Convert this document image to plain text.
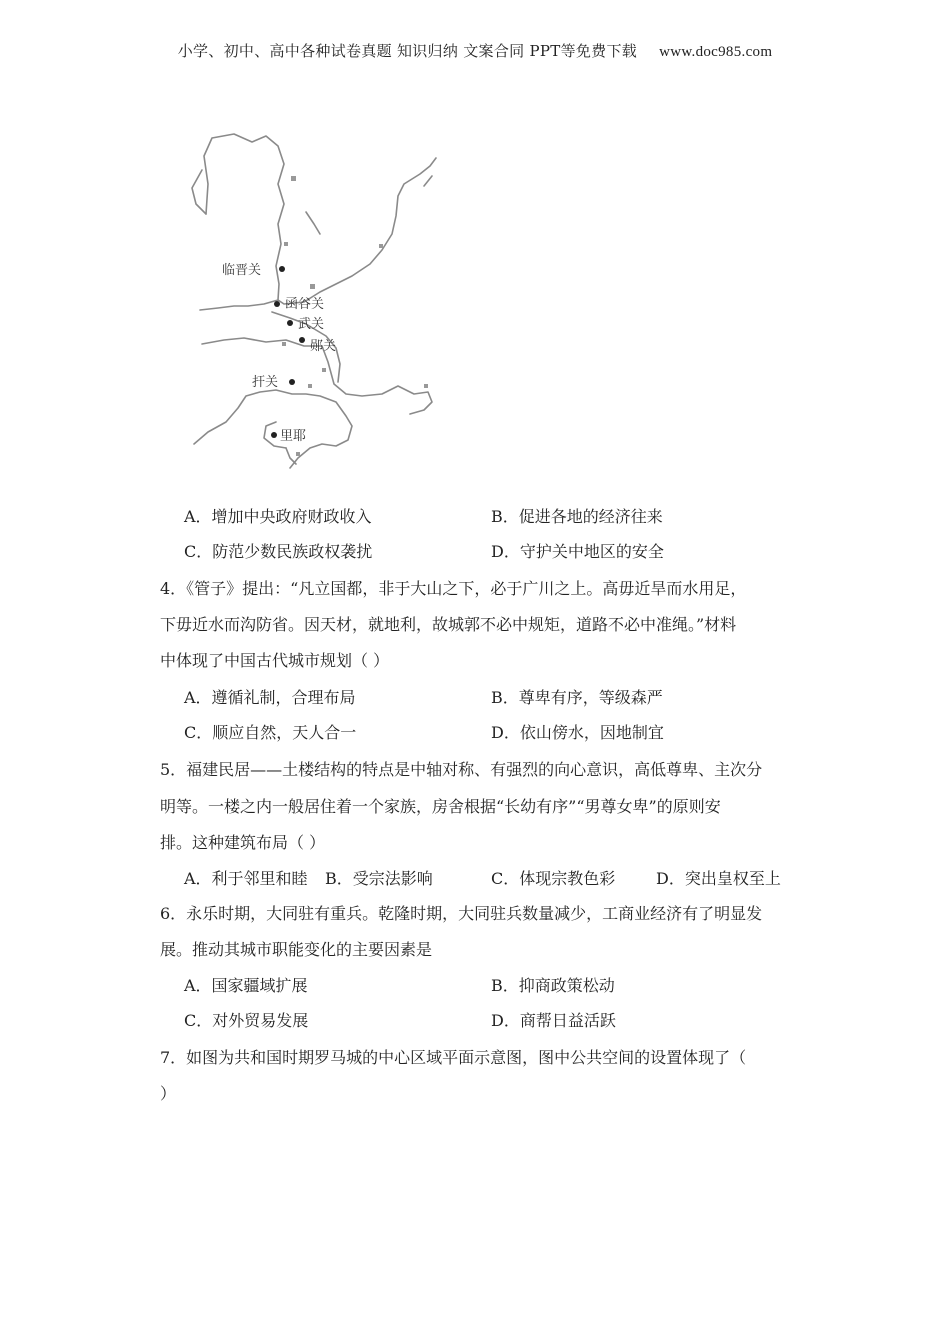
小学、初中、高中各种试卷真题 知识归纳 文案合同 PPT等免费下载 www.doc985.com
临晋关
函谷关
武关
郧关
扞关
里耶
A．增加中央政府财政收入	B．促进各地的经济往来
C．防范少数民族政权袭扰	D．守护关中地区的安全
4．《管子》提出：“凡立国都，非于大山之下，必于广川之上。高毋近旱而水用足，
下毋近水而沟防省。因天材，就地利，故城郭不必中规矩，道路不必中准绳。”材料
中体现了中国古代城市规划（ ）
A．遵循礼制，合理布局	B．尊卑有序，等级森严
C．顺应自然，天人合一	D．依山傍水，因地制宜
5．福建民居——土楼结构的特点是中轴对称、有强烈的向心意识，高低尊卑、主次分
明等。一楼之内一般居住着一个家族，房舍根据“长幼有序”“男尊女卑”的原则安
排。这种建筑布局（ ）
A．利于邻里和睦 B．受宗法影响	C．体现宗教色彩	D．突出皇权至上
6．永乐时期，大同驻有重兵。乾隆时期，大同驻兵数量减少，工商业经济有了明显发
展。推动其城市职能变化的主要因素是
A．国家疆域扩展	B．抑商政策松动
C．对外贸易发展	D．商帮日益活跃
7．如图为共和国时期罗马城的中心区域平面示意图，图中公共空间的设置体现了（
）
